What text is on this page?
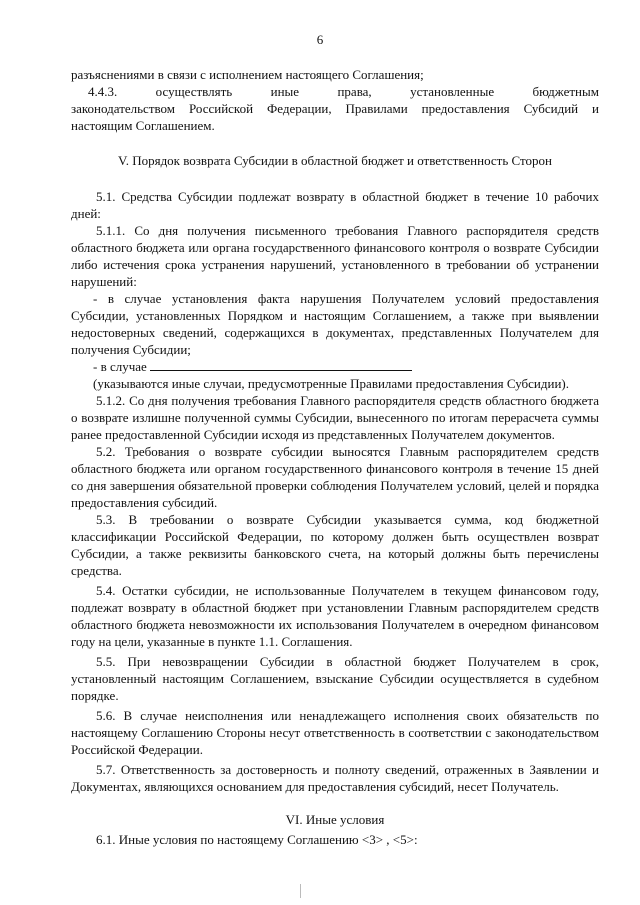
6

разъяснениями в связи с исполнением настоящего Соглашения;

4.4.3.	осуществлять	иные	права,	установленные	бюджетным

законодательством Российской Федерации, Правилами предоставления Субсидий и настоящим Соглашением.

V. Порядок возврата Субсидии в областной бюджет и ответственность Сторон

5.1. Средства Субсидии подлежат возврату в областной бюджет в течение 10 рабочих дней:

5.1.1. Со дня получения письменного требования Главного распорядителя средств областного бюджета или органа государственного финансового контроля о возврате Субсидии либо истечения срока устранения нарушений, установленного в требовании об устранении нарушений:

- в случае установления факта нарушения Получателем условий предоставления Субсидии, установленных Порядком и настоящим Соглашением, а также при выявлении недостоверных сведений, содержащихся в документах, представленных Получателем для получения Субсидии;

- в случае

(указываются иные случаи, предусмотренные Правилами предоставления Субсидии).

5.1.2. Со дня получения требования Главного распорядителя средств областного бюджета о возврате излишне полученной суммы Субсидии, вынесенного по итогам перерасчета суммы ранее предоставленной Субсидии исходя из представленных Получателем документов.

5.2. Требования о возврате субсидии выносятся Главным распорядителем средств областного бюджета или органом государственного финансового контроля в течение 15 дней со дня завершения обязательной проверки соблюдения Получателем условий, целей и порядка предоставления субсидий.

5.3. В требовании о возврате Субсидии указывается сумма, код бюджетной классификации Российской Федерации, по которому должен быть осуществлен возврат Субсидии, а также реквизиты банковского счета, на который должны быть перечислены средства.

5.4. Остатки субсидии, не использованные Получателем в текущем финансовом году, подлежат возврату в областной бюджет при установлении Главным распорядителем средств областного бюджета невозможности их использования Получателем в очередном финансовом году на цели, указанные в пункте 1.1. Соглашения.

5.5. При невозвращении Субсидии в областной бюджет Получателем в срок, установленный настоящим Соглашением, взыскание Субсидии осуществляется в судебном порядке.

5.6. В случае неисполнения или ненадлежащего исполнения своих обязательств по настоящему Соглашению Стороны несут ответственность в соответствии с законодательством Российской Федерации.

5.7. Ответственность за достоверность и полноту сведений, отраженных в Заявлении и Документах, являющихся основанием для предоставления субсидий, несет Получатель.

VI. Иные условия

6.1. Иные условия по настоящему Соглашению <3> , <5>:
